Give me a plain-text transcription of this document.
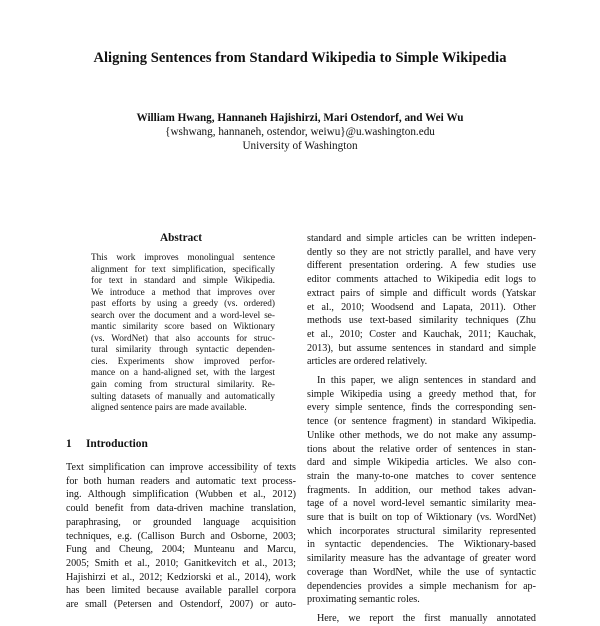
Aligning Sentences from Standard Wikipedia to Simple Wikipedia
William Hwang, Hannaneh Hajishirzi, Mari Ostendorf, and Wei Wu
{wshwang, hannaneh, ostendor, weiwu}@u.washington.edu
University of Washington
Abstract
This work improves monolingual sentence
alignment for text simplification, specifically
for text in standard and simple Wikipedia.
We introduce a method that improves over
past efforts by using a greedy (vs. ordered)
search over the document and a word-level se-
mantic similarity score based on Wiktionary
(vs. WordNet) that also accounts for struc-
tural similarity through syntactic dependen-
cies. Experiments show improved perfor-
mance on a hand-aligned set, with the largest
gain coming from structural similarity. Re-
sulting datasets of manually and automatically
aligned sentence pairs are made available.
1 Introduction
Text simplification can improve accessibility of texts
for both human readers and automatic text process-
ing. Although simplification (Wubben et al., 2012)
could benefit from data-driven machine translation,
paraphrasing, or grounded language acquisition
techniques, e.g. (Callison Burch and Osborne, 2003;
Fung and Cheung, 2004; Munteanu and Marcu,
2005; Smith et al., 2010; Ganitkevitch et al., 2013;
Hajishirzi et al., 2012; Kedziorski et al., 2014), work
has been limited because available parallel corpora
are small (Petersen and Ostendorf, 2007) or auto-
standard and simple articles can be written indepen-
dently so they are not strictly parallel, and have very
different presentation ordering. A few studies use
editor comments attached to Wikipedia edit logs to
extract pairs of simple and difficult words (Yatskar
et al., 2010; Woodsend and Lapata, 2011). Other
methods use text-based similarity techniques (Zhu
et al., 2010; Coster and Kauchak, 2011; Kauchak,
2013), but assume sentences in standard and simple
articles are ordered relatively.
In this paper, we align sentences in standard and
simple Wikipedia using a greedy method that, for
every simple sentence, finds the corresponding sen-
tence (or sentence fragment) in standard Wikipedia.
Unlike other methods, we do not make any assump-
tions about the relative order of sentences in stan-
dard and simple Wikipedia articles. We also con-
strain the many-to-one matches to cover sentence
fragments. In addition, our method takes advan-
tage of a novel word-level semantic similarity mea-
sure that is built on top of Wiktionary (vs. WordNet)
which incorporates structural similarity represented
in syntactic dependencies. The Wiktionary-based
similarity measure has the advantage of greater word
coverage than WordNet, while the use of syntactic
dependencies provides a simple mechanism for ap-
proximating semantic roles.
Here, we report the first manually annotated
